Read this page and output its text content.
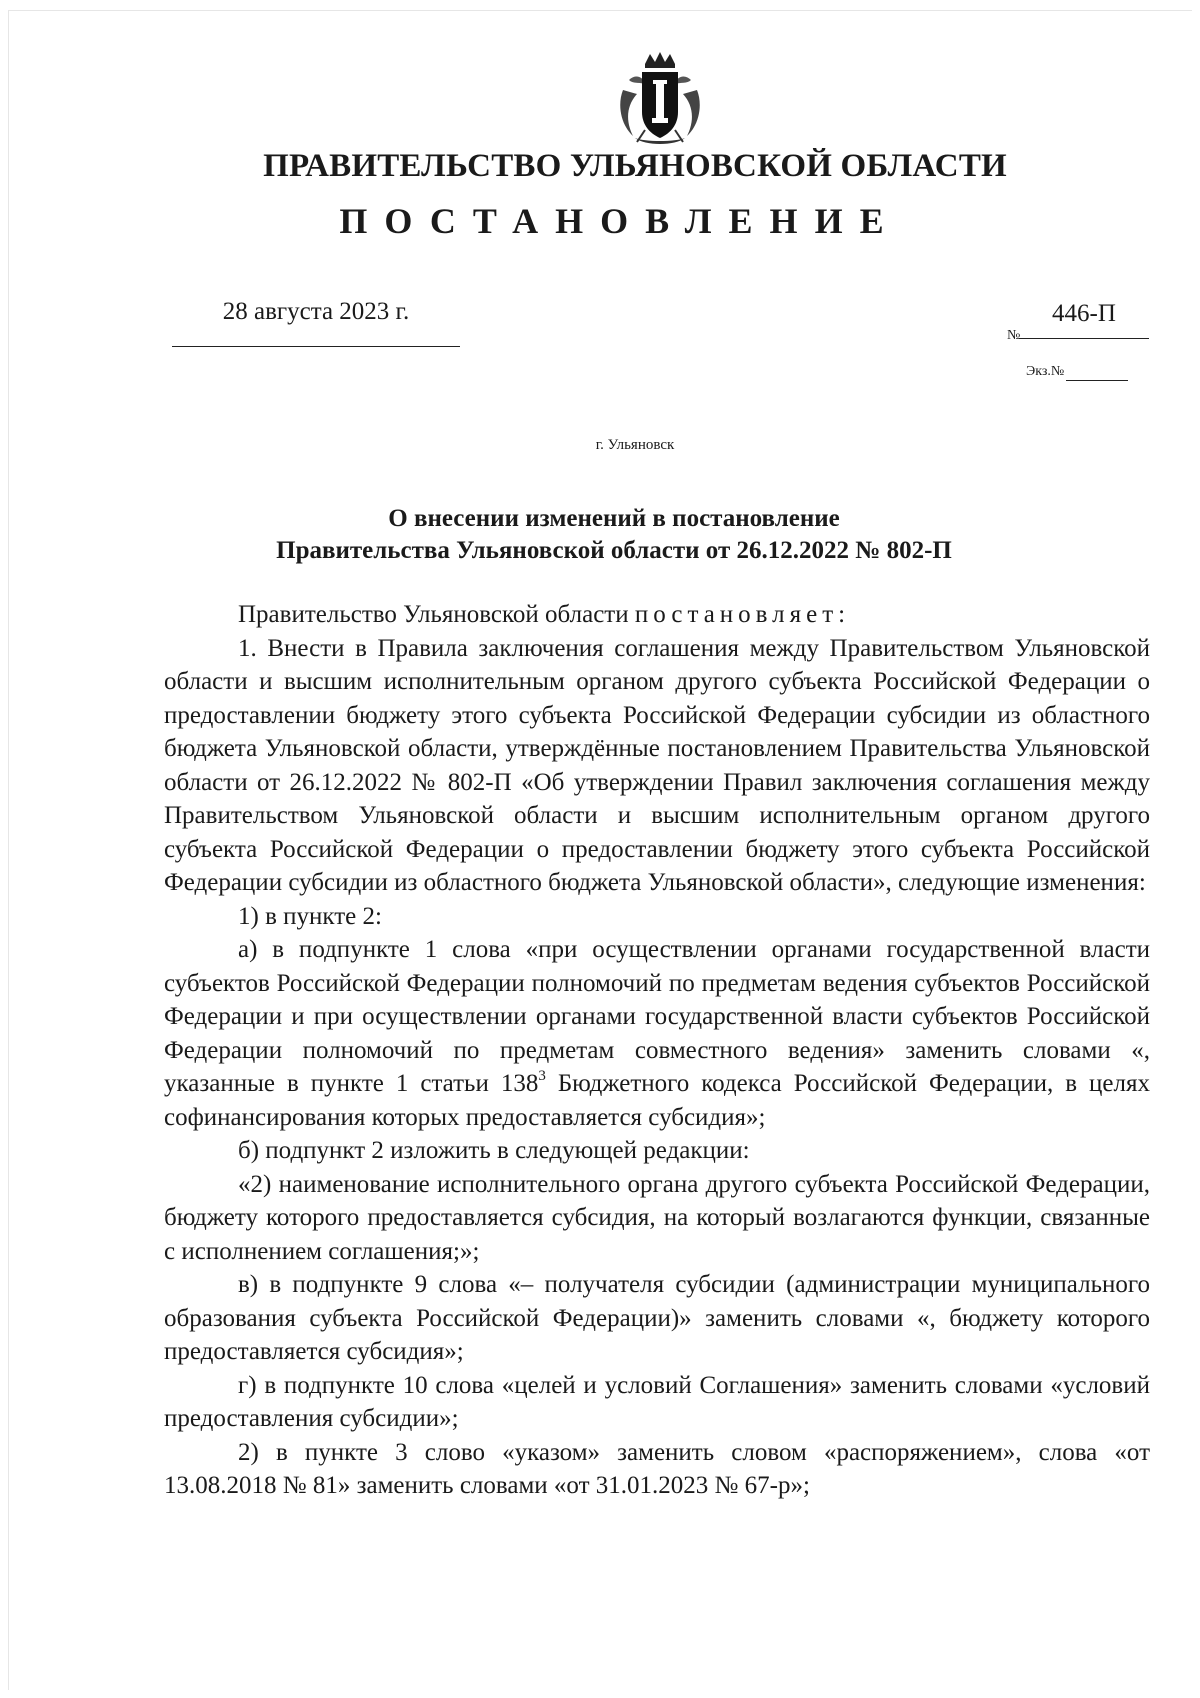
ПРАВИТЕЛЬСТВО УЛЬЯНОВСКОЙ ОБЛАСТИ
ПОСТАНОВЛЕНИЕ
28 августа 2023 г.
№
446-П
Экз.№
г. Ульяновск
О внесении изменений в постановление
Правительства Ульяновской области от 26.12.2022 № 802-П

Правительство Ульяновской области постановляет:

1. Внести в Правила заключения соглашения между Правительством Ульяновской области и высшим исполнительным органом другого субъекта Российской Федерации о предоставлении бюджету этого субъекта Российской Федерации субсидии из областного бюджета Ульяновской области, утверждённые постановлением Правительства Ульяновской области от 26.12.2022 № 802-П «Об утверждении Правил заключения соглашения между Правительством Ульяновской области и высшим исполнительным органом другого субъекта Российской Федерации о предоставлении бюджету этого субъекта Российской Федерации субсидии из областного бюджета Ульяновской области», следующие изменения:

1) в пункте 2:

а) в подпункте 1 слова «при осуществлении органами государственной власти субъектов Российской Федерации полномочий по предметам ведения субъектов Российской Федерации и при осуществлении органами государственной власти субъектов Российской Федерации полномочий по предметам совместного ведения» заменить словами «, указанные в пункте 1 статьи $138^3$ Бюджетного кодекса Российской Федерации, в целях софинансирования которых предоставляется субсидия»;

б) подпункт 2 изложить в следующей редакции:

«2) наименование исполнительного органа другого субъекта Российской Федерации, бюджету которого предоставляется субсидия, на который возлагаются функции, связанные с исполнением соглашения;»;

в) в подпункте 9 слова «– получателя субсидии (администрации муниципального образования субъекта Российской Федерации)» заменить словами «, бюджету которого предоставляется субсидия»;

г) в подпункте 10 слова «целей и условий Соглашения» заменить словами «условий предоставления субсидии»;

2) в пункте 3 слово «указом» заменить словом «распоряжением», слова «от 13.08.2018 № 81» заменить словами «от 31.01.2023 № 67-р»;
